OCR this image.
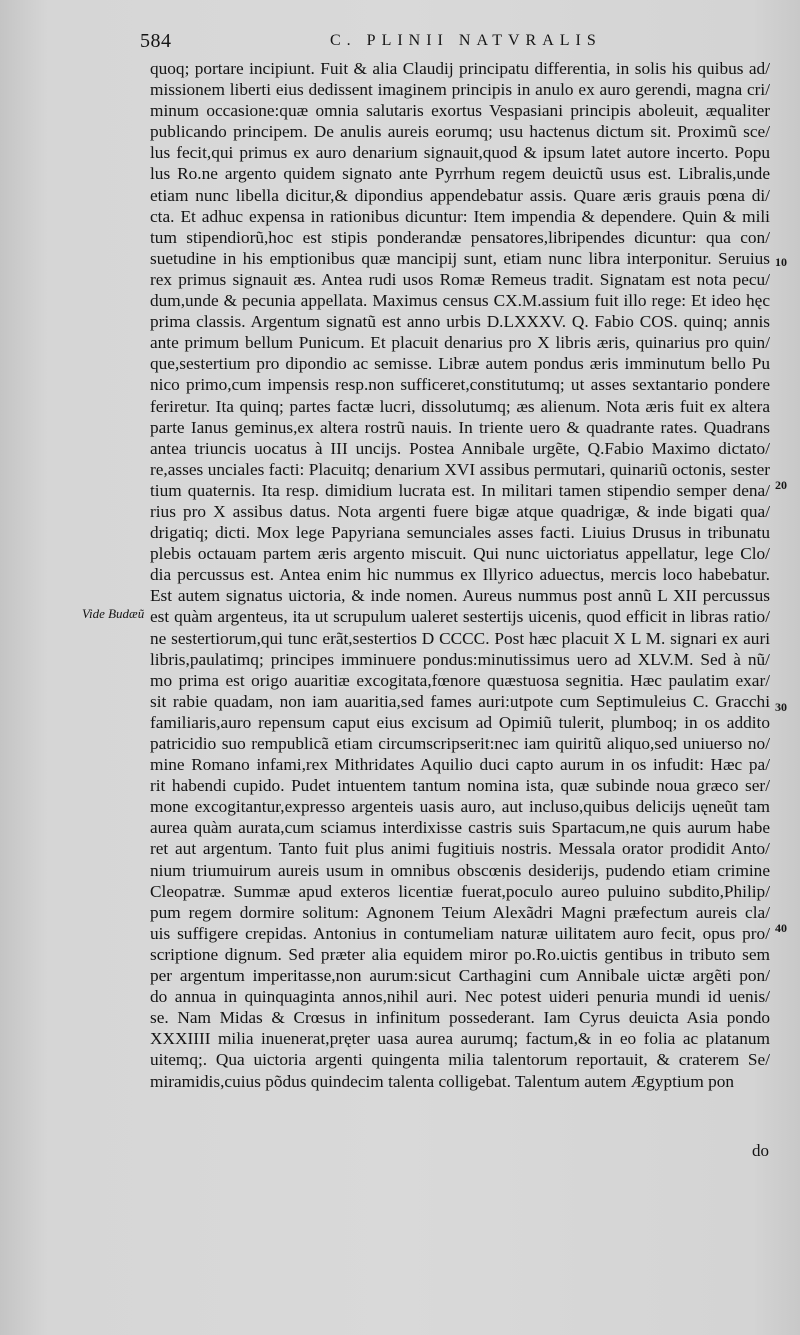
584	C. PLINII NATVRALIS
Vide Budæũ
10
20
30
40
quoq; portare incipiunt. Fuit & alia Claudij principatu differentia, in solis his quibus ad/
missionem liberti eius dedissent imaginem principis in anulo ex auro gerendi, magna cri/
minum occasione:quæ omnia salutaris exortus Vespasiani principis aboleuit, æqualiter
publicando principem. De anulis aureis eorumq; usu hactenus dictum sit. Proximũ sce/
lus fecit,qui primus ex auro denarium signauit,quod & ipsum latet autore incerto. Popu
lus Ro.ne argento quidem signato ante Pyrrhum regem deuictũ usus est. Libralis,unde
etiam nunc libella dicitur,& dipondius appendebatur assis. Quare æris grauis pœna di/
cta. Et adhuc expensa in rationibus dicuntur: Item impendia & dependere. Quin & mili
tum stipendiorũ,hoc est stipis ponderandæ pensatores,libripendes dicuntur: qua con/
suetudine in his emptionibus quæ mancipij sunt, etiam nunc libra interponitur. Seruius
rex primus signauit æs. Antea rudi usos Romæ Remeus tradit. Signatam est nota pecu/
dum,unde & pecunia appellata. Maximus census CX.M.assium fuit illo rege: Et ideo hęc
prima classis. Argentum signatũ est anno urbis D.LXXXV. Q. Fabio COS. quinq; annis
ante primum bellum Punicum. Et placuit denarius pro X libris æris, quinarius pro quin/
que,sestertium pro dipondio ac semisse. Libræ autem pondus æris imminutum bello Pu
nico primo,cum impensis resp.non sufficeret,constitutumq; ut asses sextantario pondere
feriretur. Ita quinq; partes factæ lucri, dissolutumq; æs alienum. Nota æris fuit ex altera
parte Ianus geminus,ex altera rostrũ nauis. In triente uero & quadrante rates. Quadrans
antea triuncis uocatus à III uncijs. Postea Annibale urgẽte, Q.Fabio Maximo dictato/
re,asses unciales facti: Placuitq; denarium XVI assibus permutari, quinariũ octonis, sester
tium quaternis. Ita resp. dimidium lucrata est. In militari tamen stipendio semper dena/
rius pro X assibus datus. Nota argenti fuere bigæ atque quadrigæ, & inde bigati qua/
drigatiq; dicti. Mox lege Papyriana semunciales asses facti. Liuius Drusus in tribunatu
plebis octauam partem æris argento miscuit. Qui nunc uictoriatus appellatur, lege Clo/
dia percussus est. Antea enim hic nummus ex Illyrico aduectus, mercis loco habebatur.
Est autem signatus uictoria, & inde nomen. Aureus nummus post annũ L XII percussus
est quàm argenteus, ita ut scrupulum ualeret sestertijs uicenis, quod efficit in libras ratio/
ne sestertiorum,qui tunc erãt,sestertios D CCCC. Post hæc placuit X L M. signari ex auri
libris,paulatimq; principes imminuere pondus:minutissimus uero ad XLV.M. Sed à nũ/
mo prima est origo auaritiæ excogitata,fœnore quæstuosa segnitia. Hæc paulatim exar/
sit rabie quadam, non iam auaritia,sed fames auri:utpote cum Septimuleius C. Gracchi
familiaris,auro repensum caput eius excisum ad Opimiũ tulerit, plumboq; in os addito
patricidio suo rempublicã etiam circumscripserit:nec iam quiritũ aliquo,sed uniuerso no/
mine Romano infami,rex Mithridates Aquilio duci capto aurum in os infudit: Hæc pa/
rit habendi cupido. Pudet intuentem tantum nomina ista, quæ subinde noua græco ser/
mone excogitantur,expresso argenteis uasis auro, aut incluso,quibus delicijs uęneũt tam
aurea quàm aurata,cum sciamus interdixisse castris suis Spartacum,ne quis aurum habe
ret aut argentum. Tanto fuit plus animi fugitiuis nostris. Messala orator prodidit Anto/
nium triumuirum aureis usum in omnibus obscœnis desiderijs, pudendo etiam crimine
Cleopatræ. Summæ apud exteros licentiæ fuerat,poculo aureo puluino subdito,Philip/
pum regem dormire solitum: Agnonem Teium Alexãdri Magni præfectum aureis cla/
uis suffigere crepidas. Antonius in contumeliam naturæ uilitatem auro fecit, opus pro/
scriptione dignum. Sed præter alia equidem miror po.Ro.uictis gentibus in tributo sem
per argentum imperitasse,non aurum:sicut Carthagini cum Annibale uictæ argẽti pon/
do annua in quinquaginta annos,nihil auri. Nec potest uideri penuria mundi id uenis/
se. Nam Midas & Crœsus in infinitum possederant. Iam Cyrus deuicta Asia pondo
XXXIIII milia inuenerat,pręter uasa aurea aurumq; factum,& in eo folia ac platanum
uitemq;. Qua uictoria argenti quingenta milia talentorum reportauit, & craterem Se/
miramidis,cuius põdus quindecim talenta colligebat. Talentum autem Ægyptium pon
do
